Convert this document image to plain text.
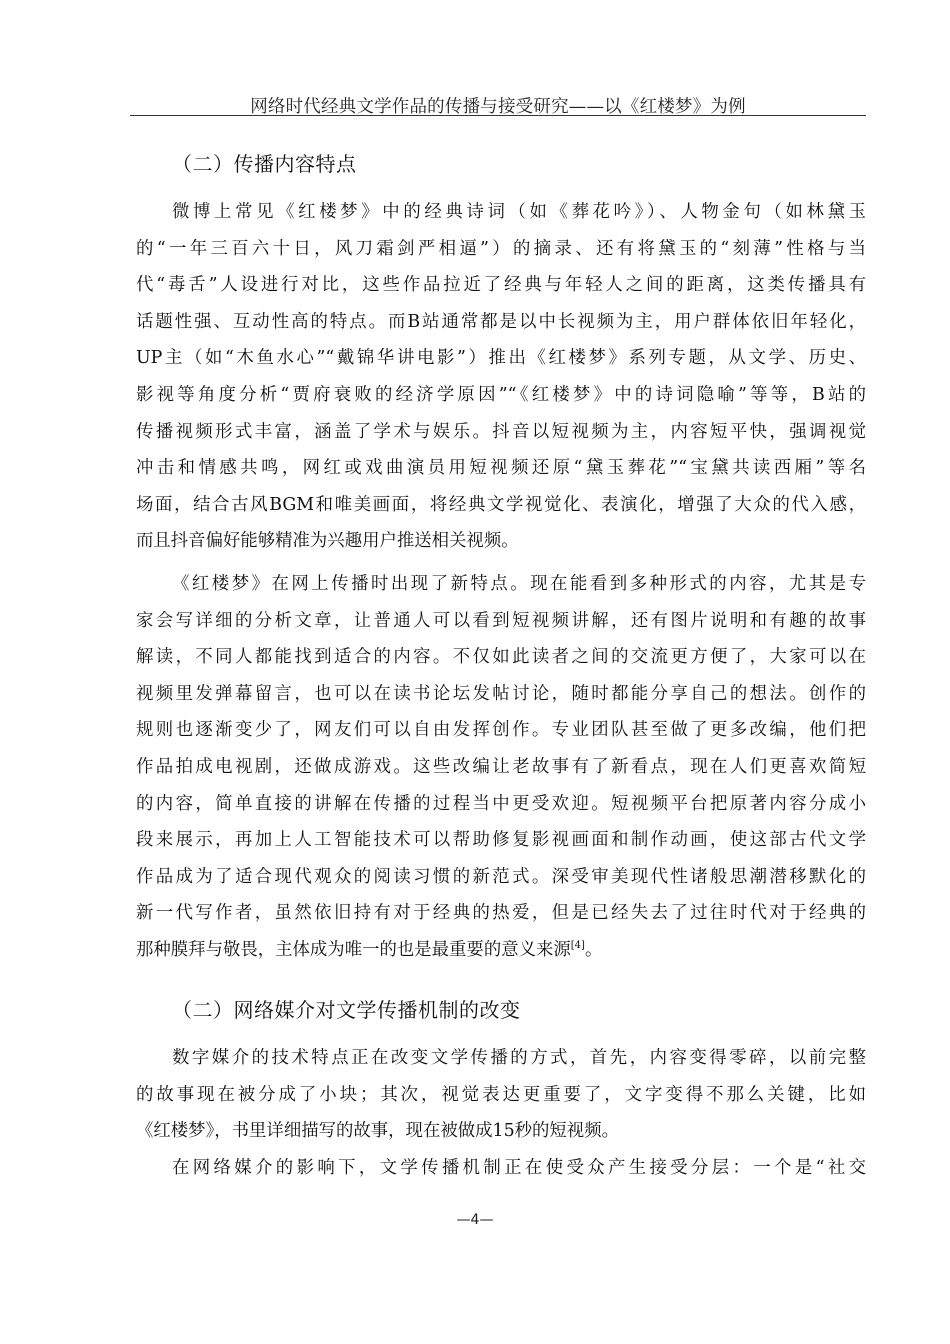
网络时代经典文学作品的传播与接受研究——以《红楼梦》为例
（二）传播内容特点
微博上常见《红楼梦》中的经典诗词（如《葬花吟》）、人物金句（如林黛玉
的“一年三百六十日，风刀霜剑严相逼”）的摘录、还有将黛玉的“刻薄”性格与当
代“毒舌”人设进行对比，这些作品拉近了经典与年轻人之间的距离，这类传播具有
话题性强、互动性高的特点。而B站通常都是以中长视频为主，用户群体依旧年轻化，
UP主（如“木鱼水心”“戴锦华讲电影”）推出《红楼梦》系列专题，从文学、历史、
影视等角度分析“贾府衰败的经济学原因”“《红楼梦》中的诗词隐喻”等等，B站的
传播视频形式丰富，涵盖了学术与娱乐。抖音以短视频为主，内容短平快，强调视觉
冲击和情感共鸣，网红或戏曲演员用短视频还原“黛玉葬花”“宝黛共读西厢”等名
场面，结合古风BGM和唯美画面，将经典文学视觉化、表演化，增强了大众的代入感，
而且抖音偏好能够精准为兴趣用户推送相关视频。
《红楼梦》在网上传播时出现了新特点。现在能看到多种形式的内容，尤其是专
家会写详细的分析文章，让普通人可以看到短视频讲解，还有图片说明和有趣的故事
解读，不同人都能找到适合的内容。不仅如此读者之间的交流更方便了，大家可以在
视频里发弹幕留言，也可以在读书论坛发帖讨论，随时都能分享自己的想法。创作的
规则也逐渐变少了，网友们可以自由发挥创作。专业团队甚至做了更多改编，他们把
作品拍成电视剧，还做成游戏。这些改编让老故事有了新看点，现在人们更喜欢简短
的内容，简单直接的讲解在传播的过程当中更受欢迎。短视频平台把原著内容分成小
段来展示，再加上人工智能技术可以帮助修复影视画面和制作动画，使这部古代文学
作品成为了适合现代观众的阅读习惯的新范式。深受审美现代性诸般思潮潜移默化的
新一代写作者，虽然依旧持有对于经典的热爱，但是已经失去了过往时代对于经典的
那种膜拜与敬畏，主体成为唯一的也是最重要的意义来源[4]。
（二）网络媒介对文学传播机制的改变
数字媒介的技术特点正在改变文学传播的方式，首先，内容变得零碎，以前完整
的故事现在被分成了小块；其次，视觉表达更重要了，文字变得不那么关键，比如
《红楼梦》，书里详细描写的故事，现在被做成15秒的短视频。
在网络媒介的影响下，文学传播机制正在使受众产生接受分层：一个是“社交
—4—
